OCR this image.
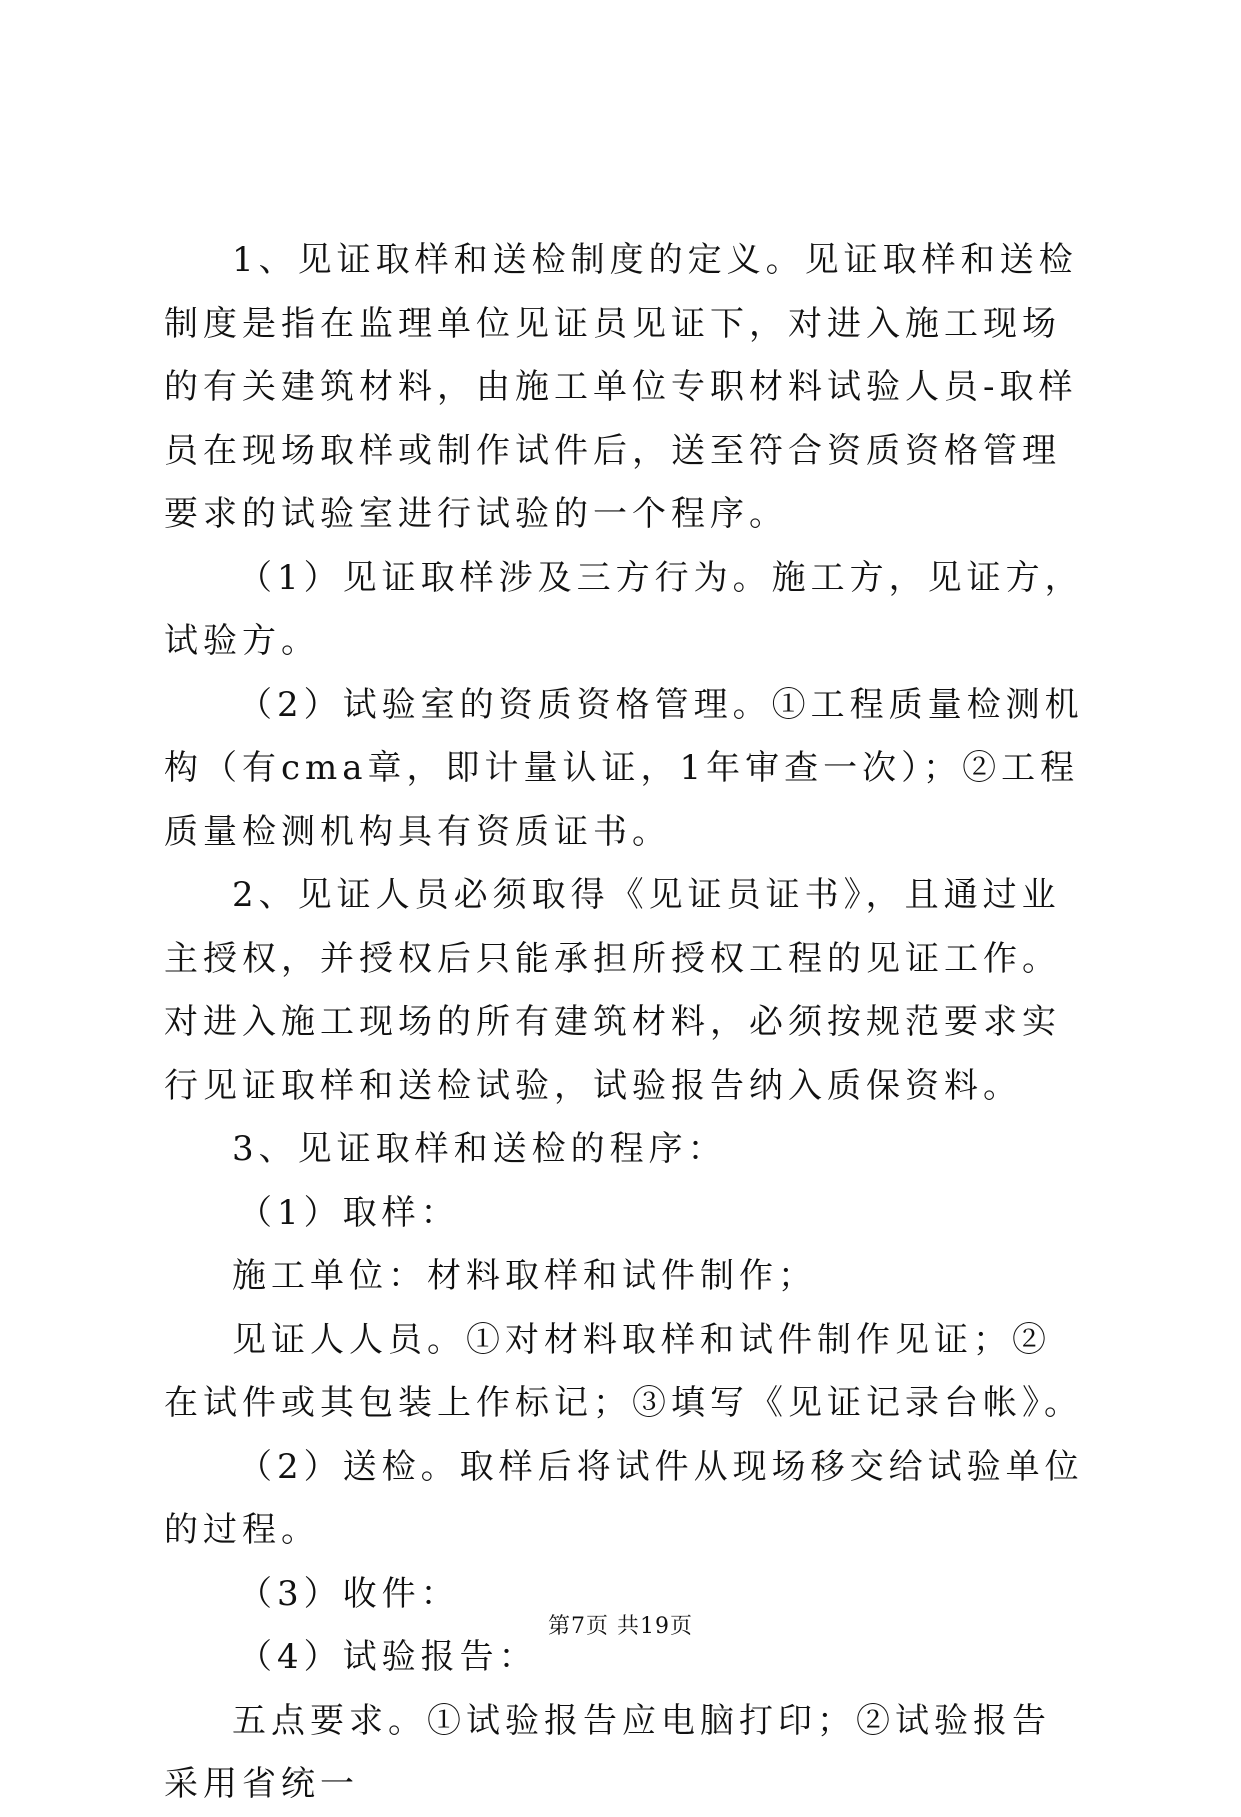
1、见证取样和送检制度的定义。见证取样和送检制度是指在监理单位见证员见证下，对进入施工现场的有关建筑材料，由施工单位专职材料试验人员-取样员在现场取样或制作试件后，送至符合资质资格管理要求的试验室进行试验的一个程序。

（1）见证取样涉及三方行为。施工方，见证方，试验方。

（2）试验室的资质资格管理。①工程质量检测机构（有cma章，即计量认证，1年审查一次）；②工程质量检测机构具有资质证书。

2、见证人员必须取得《见证员证书》，且通过业主授权，并授权后只能承担所授权工程的见证工作。对进入施工现场的所有建筑材料，必须按规范要求实行见证取样和送检试验，试验报告纳入质保资料。

3、见证取样和送检的程序：

（1）取样：

施工单位：材料取样和试件制作；

见证人人员。①对材料取样和试件制作见证；②在试件或其包装上作标记；③填写《见证记录台帐》。

（2）送检。取样后将试件从现场移交给试验单位的过程。

（3）收件：

（4）试验报告：

五点要求。①试验报告应电脑打印；②试验报告采用省统一

第7页 共19页
